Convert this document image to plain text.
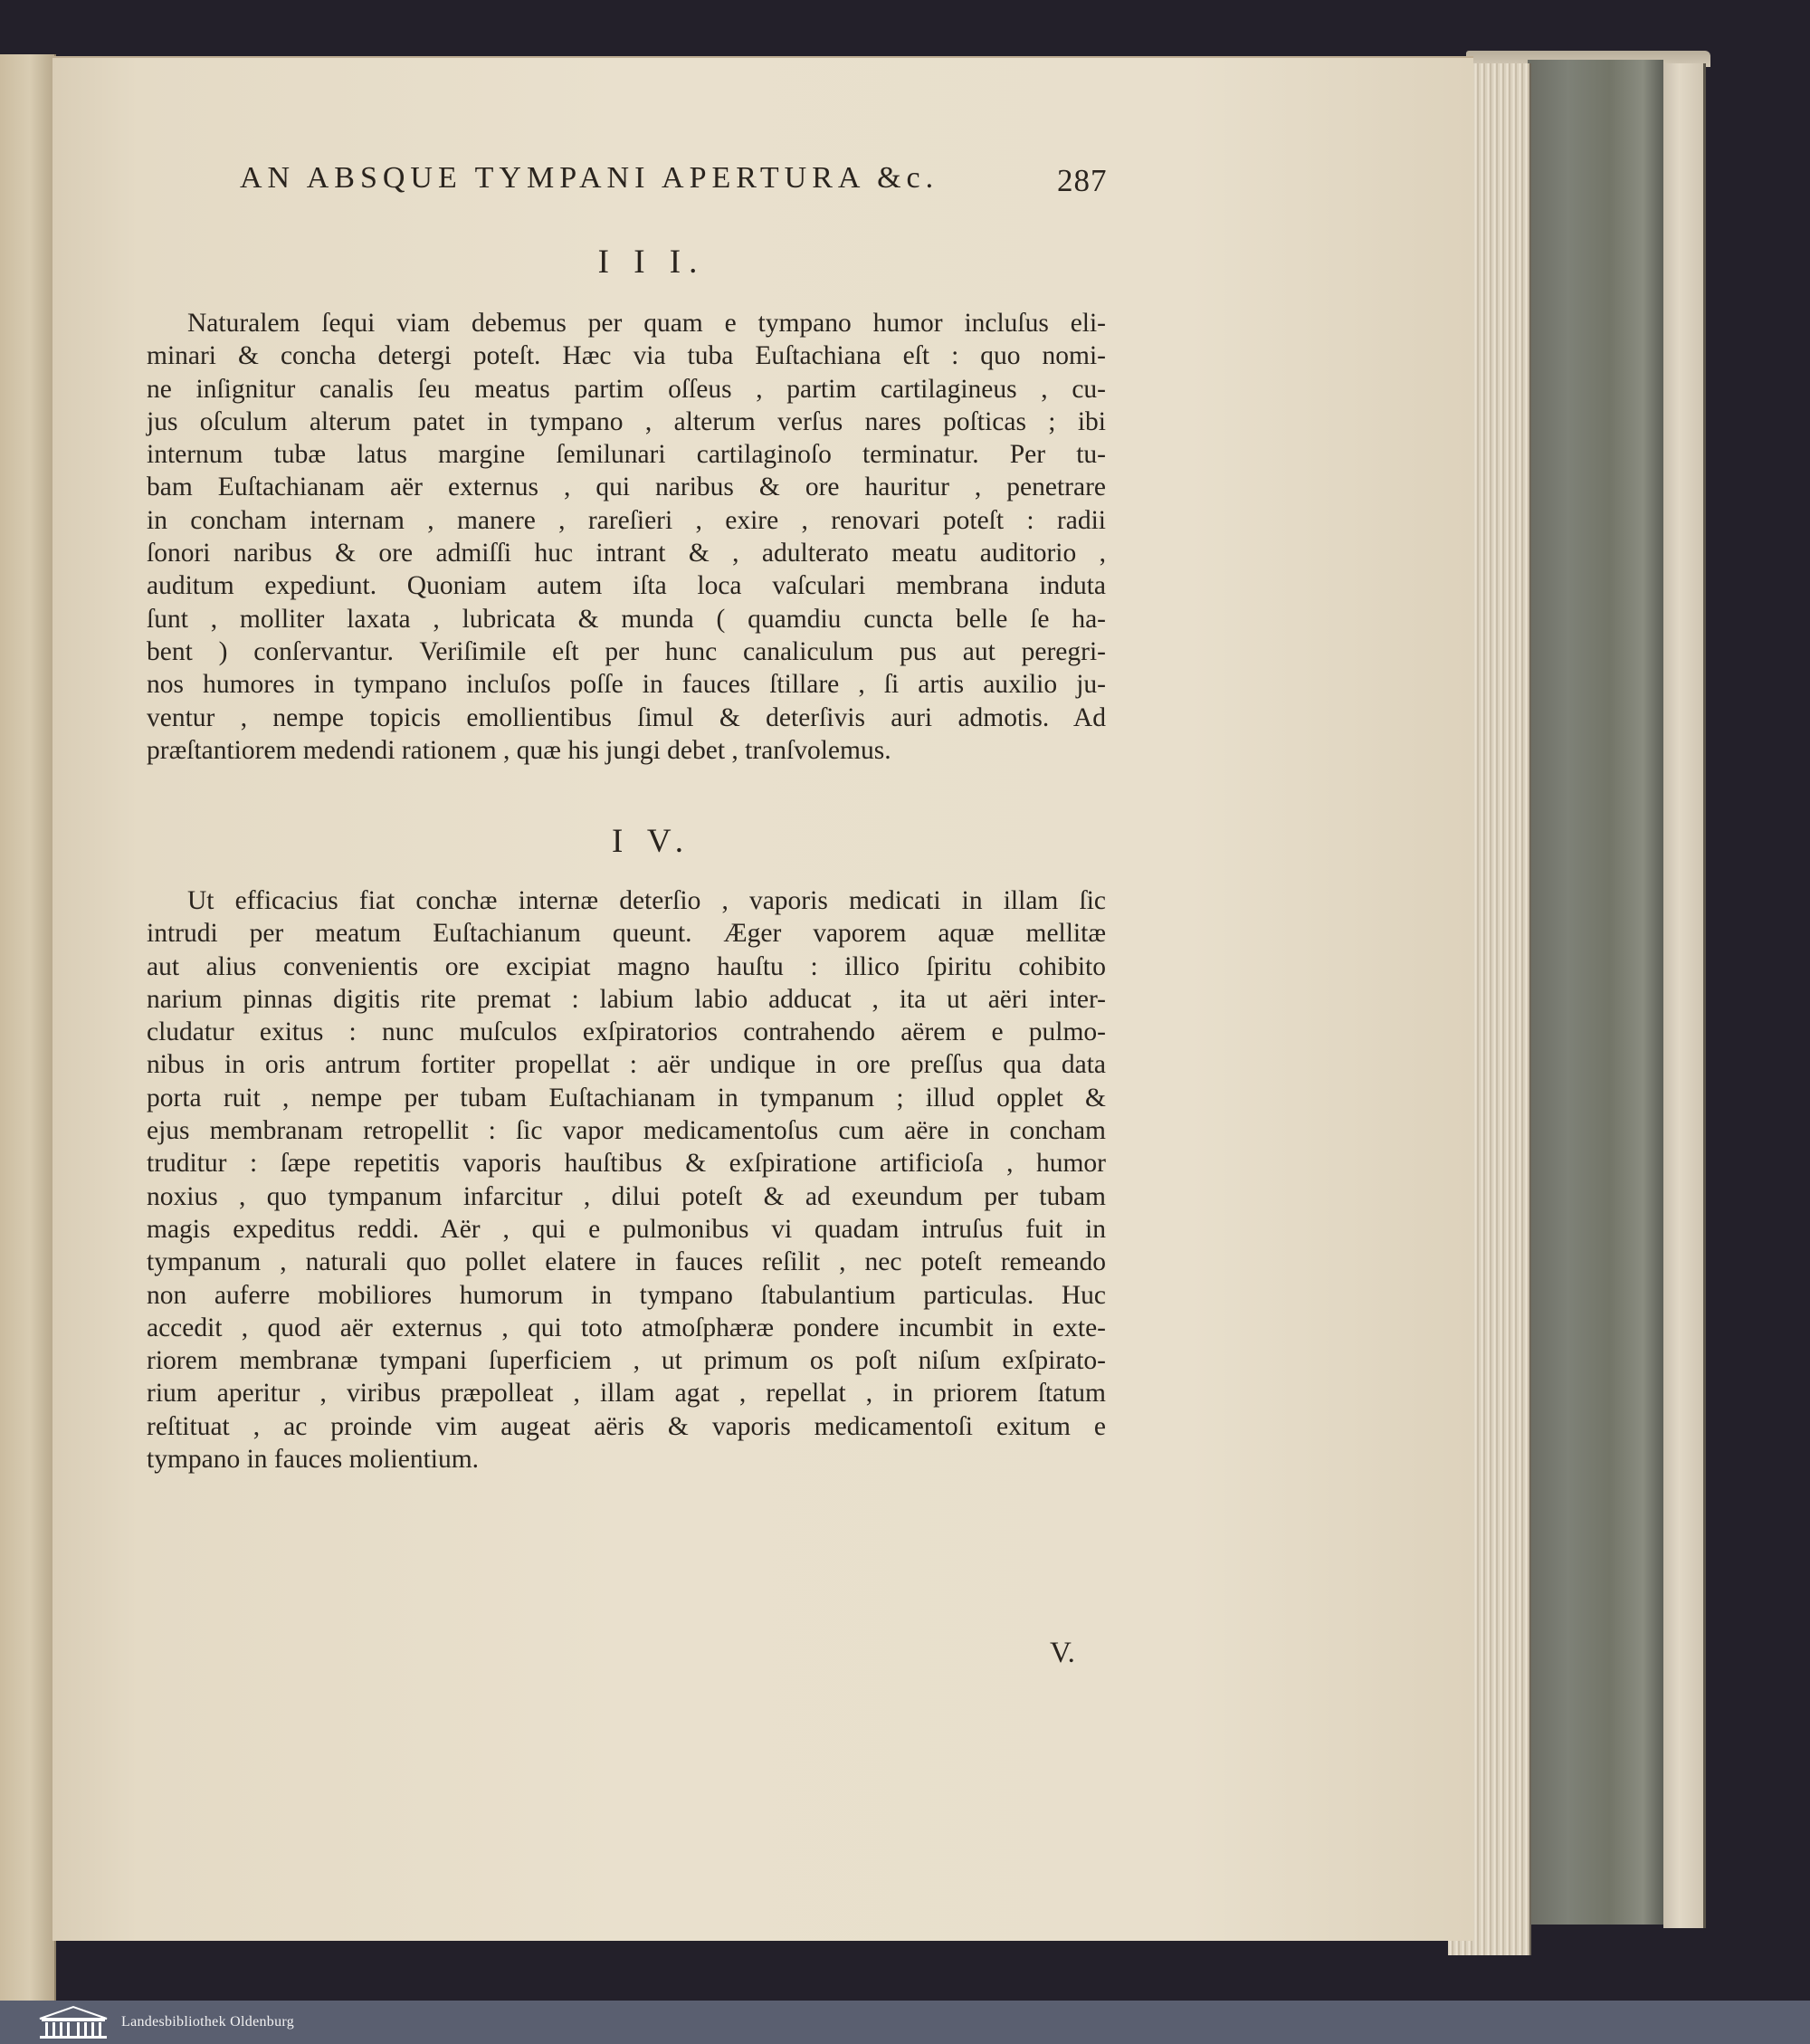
AN ABSQUE TYMPANI APERTURA &c.	287
I I I.
Naturalem ſequi viam debemus per quam e tympano humor incluſus eli-
minari & concha detergi poteſt. Hæc via tuba Euſtachiana eſt : quo nomi-
ne inſignitur canalis ſeu meatus partim oſſeus , partim cartilagineus , cu-
jus oſculum alterum patet in tympano , alterum verſus nares poſticas ; ibi
internum tubæ latus margine ſemilunari cartilaginoſo terminatur. Per tu-
bam Euſtachianam aër externus , qui naribus & ore hauritur , penetrare
in concham internam , manere , rareſieri , exire , renovari poteſt : radii
ſonori naribus & ore admiſſi huc intrant & , adulterato meatu auditorio ,
auditum expediunt. Quoniam autem iſta loca vaſculari membrana induta
ſunt , molliter laxata , lubricata & munda ( quamdiu cuncta belle ſe ha-
bent ) conſervantur. Veriſimile eſt per hunc canaliculum pus aut peregri-
nos humores in tympano incluſos poſſe in fauces ſtillare , ſi artis auxilio ju-
ventur , nempe topicis emollientibus ſimul & deterſivis auri admotis. Ad
præſtantiorem medendi rationem , quæ his jungi debet , tranſvolemus.
I V.
Ut efficacius fiat conchæ internæ deterſio , vaporis medicati in illam ſic
intrudi per meatum Euſtachianum queunt. Æger vaporem aquæ mellitæ
aut alius convenientis ore excipiat magno hauſtu : illico ſpiritu cohibito
narium pinnas digitis rite premat : labium labio adducat , ita ut aëri inter-
cludatur exitus : nunc muſculos exſpiratorios contrahendo aërem e pulmo-
nibus in oris antrum fortiter propellat : aër undique in ore preſſus qua data
porta ruit , nempe per tubam Euſtachianam in tympanum ; illud opplet &
ejus membranam retropellit : ſic vapor medicamentoſus cum aëre in concham
truditur : ſæpe repetitis vaporis hauſtibus & exſpiratione artificioſa , humor
noxius , quo tympanum infarcitur , dilui poteſt & ad exeundum per tubam
magis expeditus reddi. Aër , qui e pulmonibus vi quadam intruſus fuit in
tympanum , naturali quo pollet elatere in fauces reſilit , nec poteſt remeando
non auferre mobiliores humorum in tympano ſtabulantium particulas. Huc
accedit , quod aër externus , qui toto atmoſphæræ pondere incumbit in exte-
riorem membranæ tympani ſuperficiem , ut primum os poſt niſum exſpirato-
rium aperitur , viribus præpolleat , illam agat , repellat , in priorem ſtatum
reſtituat , ac proinde vim augeat aëris & vaporis medicamentoſi exitum e
tympano in fauces molientium.
V.
Landesbibliothek Oldenburg
